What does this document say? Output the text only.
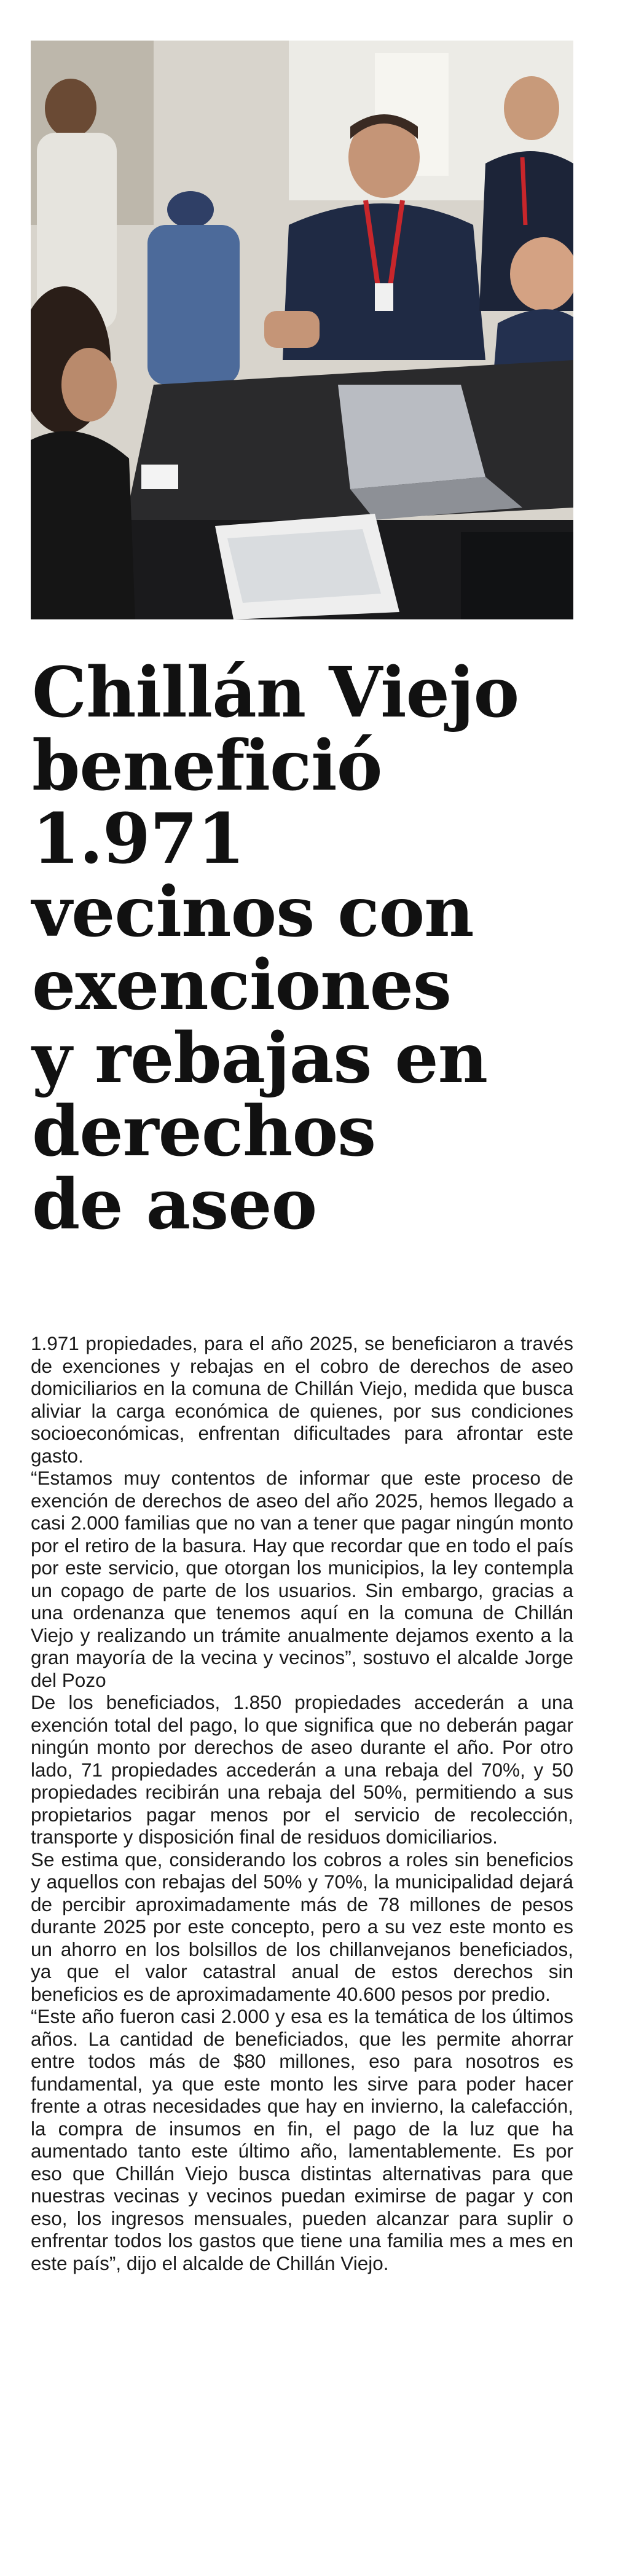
Chillán Viejo
benefició
1.971
vecinos con
exenciones
y rebajas en
derechos
de aseo

1.971 propiedades, para el año 2025, se beneficiaron a través de exenciones y rebajas en el cobro de derechos de aseo domiciliarios en la comuna de Chillán Viejo, medida que busca aliviar la carga económica de quienes, por sus condiciones socioeconómicas, enfrentan dificultades para afrontar este gasto.

“Estamos muy contentos de informar que este proceso de exención de derechos de aseo del año 2025, hemos llegado a casi 2.000 familias que no van a tener que pagar ningún monto por el retiro de la basura. Hay que recordar que en todo el país por este servicio, que otorgan los municipios, la ley contempla un copago de parte de los usuarios. Sin embargo, gracias a una ordenanza que tenemos aquí en la comuna de Chillán Viejo y realizando un trámite anualmente dejamos exento a la gran mayoría de la vecina y vecinos”, sostuvo el alcalde Jorge del Pozo

De los beneficiados, 1.850 propiedades accederán a una exención total del pago, lo que significa que no deberán pagar ningún monto por derechos de aseo durante el año. Por otro lado, 71 propiedades accederán a una rebaja del 70%, y 50 propiedades recibirán una rebaja del 50%, permitiendo a sus propietarios pagar menos por el servicio de recolección, transporte y disposición final de residuos domiciliarios.

Se estima que, considerando los cobros a roles sin beneficios y aquellos con rebajas del 50% y 70%, la municipalidad dejará de percibir aproximadamente más de 78 millones de pesos durante 2025 por este concepto, pero a su vez este monto es un ahorro en los bolsillos de los chillanvejanos beneficiados, ya que el valor catastral anual de estos derechos sin beneficios es de aproximadamente 40.600 pesos por predio.

“Este año fueron casi 2.000 y esa es la temática de los últimos años. La cantidad de beneficiados, que les permite ahorrar entre todos más de $80 millones, eso para nosotros es fundamental, ya que este monto les sirve para poder hacer frente a otras necesidades que hay en invierno, la calefacción, la compra de insumos en fin, el pago de la luz que ha aumentado tanto este último año, lamentablemente. Es por eso que Chillán Viejo busca distintas alternativas para que nuestras vecinas y vecinos puedan eximirse de pagar y con eso, los ingresos mensuales, pueden alcanzar para suplir o enfrentar todos los gastos que tiene una familia mes a mes en este país”, dijo el alcalde de Chillán Viejo.
